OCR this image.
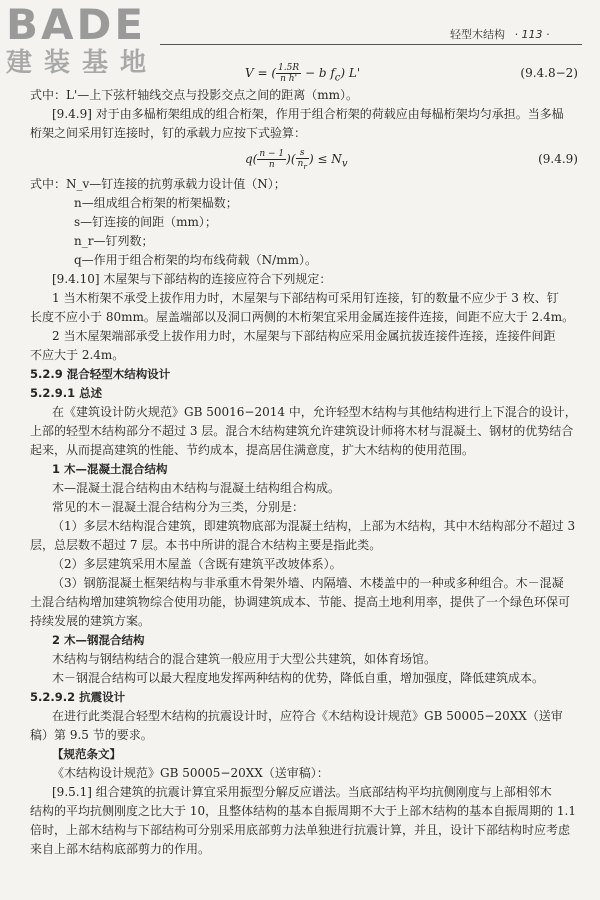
BADE
建装基地
轻型木结构 · 113 ·
V = ( $\frac{1.5R}{\text{n h'}} - b$ $f_c$) L'	(9.4.8−2)
式中：L'—上下弦杆轴线交点与投影交点之间的距离（mm）。
[9.4.9] 对于由多榀桁架组成的组合桁架，作用于组合桁架的荷载应由每榀桁架均匀承担。当多榀
桁架之间采用钉连接时，钉的承载力应按下式验算：
$q( \frac{n - 1}{n}$ )( $\frac{s}{n_r}$ ) ≤ $N_v$	(9.4.9)
式中：N_v—钉连接的抗剪承载力设计值（N）；
n—组成组合桁架的桁架榀数；
s—钉连接的间距（mm）；
n_r—钉列数；
q—作用于组合桁架的均布线荷载（N/mm）。
[9.4.10] 木屋架与下部结构的连接应符合下列规定：
1 当木桁架不承受上拔作用力时，木屋架与下部结构可采用钉连接，钉的数量不应少于 3 枚、钉
长度不应小于 80mm。屋盖端部以及洞口两侧的木桁架宜采用金属连接件连接，间距不应大于 2.4m。
2 当木屋架端部承受上拔作用力时，木屋架与下部结构应采用金属抗拔连接件连接，连接件间距
不应大于 2.4m。
5.2.9 混合轻型木结构设计
5.2.9.1 总述
在《建筑设计防火规范》GB 50016−2014 中，允许轻型木结构与其他结构进行上下混合的设计，
上部的轻型木结构部分不超过 3 层。混合木结构建筑允许建筑设计师将木材与混凝土、钢材的优势结合
起来，从而提高建筑的性能、节约成本，提高居住满意度，扩大木结构的使用范围。
1 木—混凝土混合结构
木—混凝土混合结构由木结构与混凝土结构组合构成。
常见的木－混凝土混合结构分为三类，分别是：
（1）多层木结构混合建筑，即建筑物底部为混凝土结构，上部为木结构，其中木结构部分不超过 3
层，总层数不超过 7 层。本书中所讲的混合木结构主要是指此类。
（2）多层建筑采用木屋盖（含既有建筑平改坡体系）。
（3）钢筋混凝土框架结构与非承重木骨架外墙、内隔墙、木楼盖中的一种或多种组合。木－混凝
土混合结构增加建筑物综合使用功能，协调建筑成本、节能、提高土地利用率，提供了一个绿色环保可
持续发展的建筑方案。
2 木—钢混合结构
木结构与钢结构结合的混合建筑一般应用于大型公共建筑，如体育场馆。
木－钢混合结构可以最大程度地发挥两种结构的优势，降低自重，增加强度，降低建筑成本。
5.2.9.2 抗震设计
在进行此类混合轻型木结构的抗震设计时，应符合《木结构设计规范》GB 50005−20XX（送审
稿）第 9.5 节的要求。
【规范条文】
《木结构设计规范》GB 50005−20XX（送审稿）：
[9.5.1] 组合建筑的抗震计算宜采用振型分解反应谱法。当底部结构平均抗侧刚度与上部相邻木
结构的平均抗侧刚度之比大于 10，且整体结构的基本自振周期不大于上部木结构的基本自振周期的 1.1
倍时，上部木结构与下部结构可分别采用底部剪力法单独进行抗震计算，并且，设计下部结构时应考虑
来自上部木结构底部剪力的作用。
